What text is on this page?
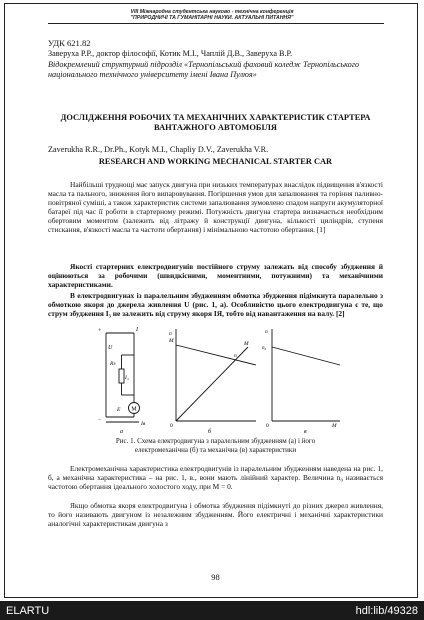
VIII Міжнародна студентська науково - технічна конференція
"ПРИРОДНИЧІ ТА ГУМАНІТАРНІ НАУКИ. АКТУАЛЬНІ ПИТАННЯ"
УДК 621.82
Заверуха Р.Р., доктор філософії, Котик М.І., Чаплій Д.В., Заверуха В.Р.
Відокремлений структурний підрозділ «Тернопільський фаховий коледж Тернопільського національного технічного університету імені Івана Пулюя»
ДОСЛІДЖЕННЯ РОБОЧИХ ТА МЕХАНІЧНИХ ХАРАКТЕРИСТИК СТАРТЕРА ВАНТАЖНОГО АВТОМОБІЛЯ
Zaverukha R.R., Dr.Ph., Kotyk M.I., Chapliy D.V., Zaverukha V.R.
RESEARCH AND WORKING MECHANICAL STARTER CAR
Найбільші труднощі має запуск двигуна при низьких температурах внаслідок підвищення в'язкості масла та пального, зниження його випаровування. Погіршення умов для запалювання та горіння паливно-повітряної суміші, а також характеристик системи запалювання зумовлено спадом напруги акумуляторної батареї під час її роботи в стартерному режимі. Потужність двигуна стартера визначається необхідним обертовим моментом (залежить від літражу й конструкції двигуна, кількості циліндрів, ступеня стискання, в'язкості масла та частоти обертання) і мінімальною частотою обертання. [1]
Якості стартерних електродвигунів постійного струму залежать від способу збудження й оцінюються за робочими (швидкісними, моментними, потужними) та механічними характеристиками.
В електродвигунах із паралельним збудженням обмотка збудження підімкнута паралельно з обмоткою якоря до джерела живлення U (рис. 1, а). Особливістю цього електродвигуна є те, що струм збудження I₃ не залежить від струму якоря IЯ, тобто від навантаження на валу. [2]
M
U
+
−
I
Rз
I₃
E
Iя
а
n
M	M
n
0
б
n
n₀
M
0
в
Рис. 1. Схема електродвигуна з паралельним збудженням (а) і його
електромеханічна (б) та механічна (в) характеристики
Електромеханічна характеристика електродвигунів із паралельним збудженням наведена на рис. 1, б, а механічна характеристика – на рис. 1, в., вони мають лінійний характер. Величина n₀ називається частотою обертання ідеального холостого ходу, при M = 0.
Якщо обмотка якоря електродвигуна і обмотка збудження підімкнуті до різних джерел живлення, то його називають двигуном із незалежним збудженням. Його електричні і механічні характеристики аналогічні характеристикам двигуна з
98
ELARTU	hdl:lib/49328
